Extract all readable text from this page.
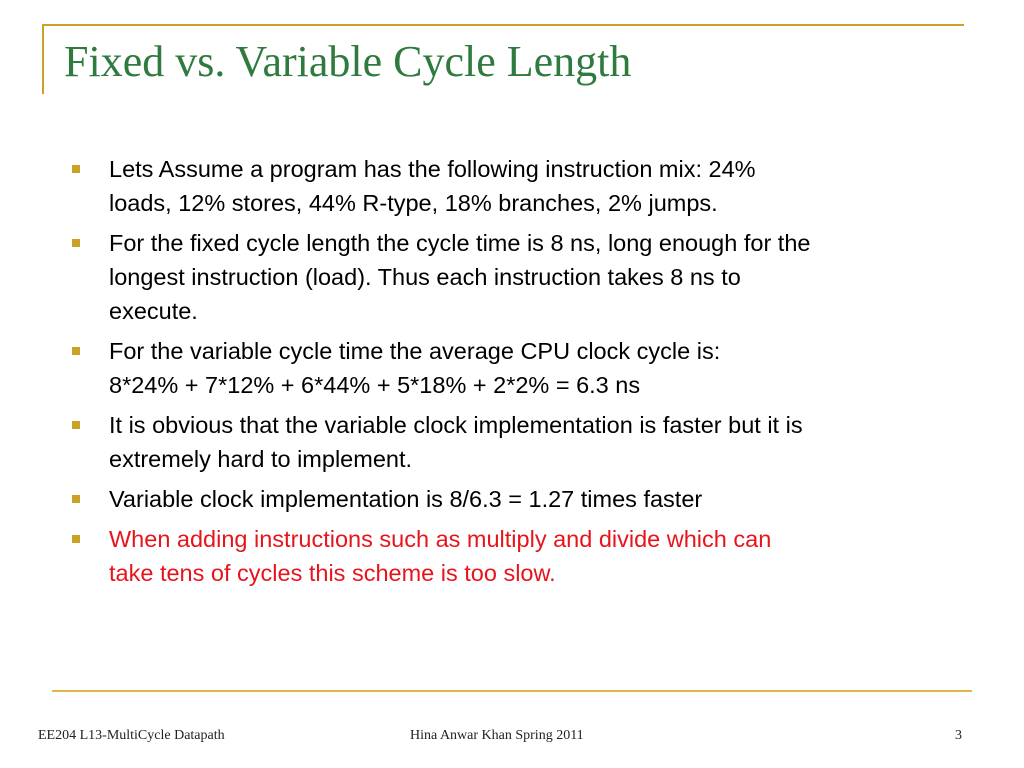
Fixed vs. Variable Cycle Length
Lets Assume a program has the following instruction mix: 24%
loads, 12% stores, 44% R-type, 18% branches, 2% jumps.
For the fixed cycle length the cycle time is 8 ns, long enough for the
longest instruction (load). Thus each instruction takes 8 ns to
execute.
For the variable cycle time the average CPU clock cycle is:
8*24% + 7*12% + 6*44% + 5*18% + 2*2% = 6.3 ns
It is obvious that the variable clock implementation is faster but it is
extremely hard to implement.
Variable clock implementation is 8/6.3 = 1.27 times faster
When adding instructions such as multiply and divide which can
take tens of cycles this scheme is too slow.
EE204 L13-MultiCycle Datapath	Hina Anwar Khan Spring 2011	3
